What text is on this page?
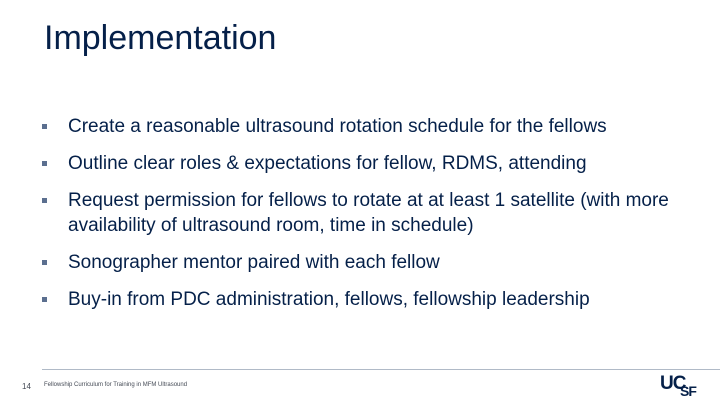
Implementation
Create a reasonable ultrasound rotation schedule for the fellows
Outline clear roles & expectations for fellow, RDMS, attending
Request permission for fellows to rotate at at least 1 satellite (with more availability of ultrasound room, time in schedule)
Sonographer mentor paired with each fellow
Buy-in from PDC administration, fellows, fellowship leadership
14 Fellowship Curriculum for Training in MFM Ultrasound	UC
SF
